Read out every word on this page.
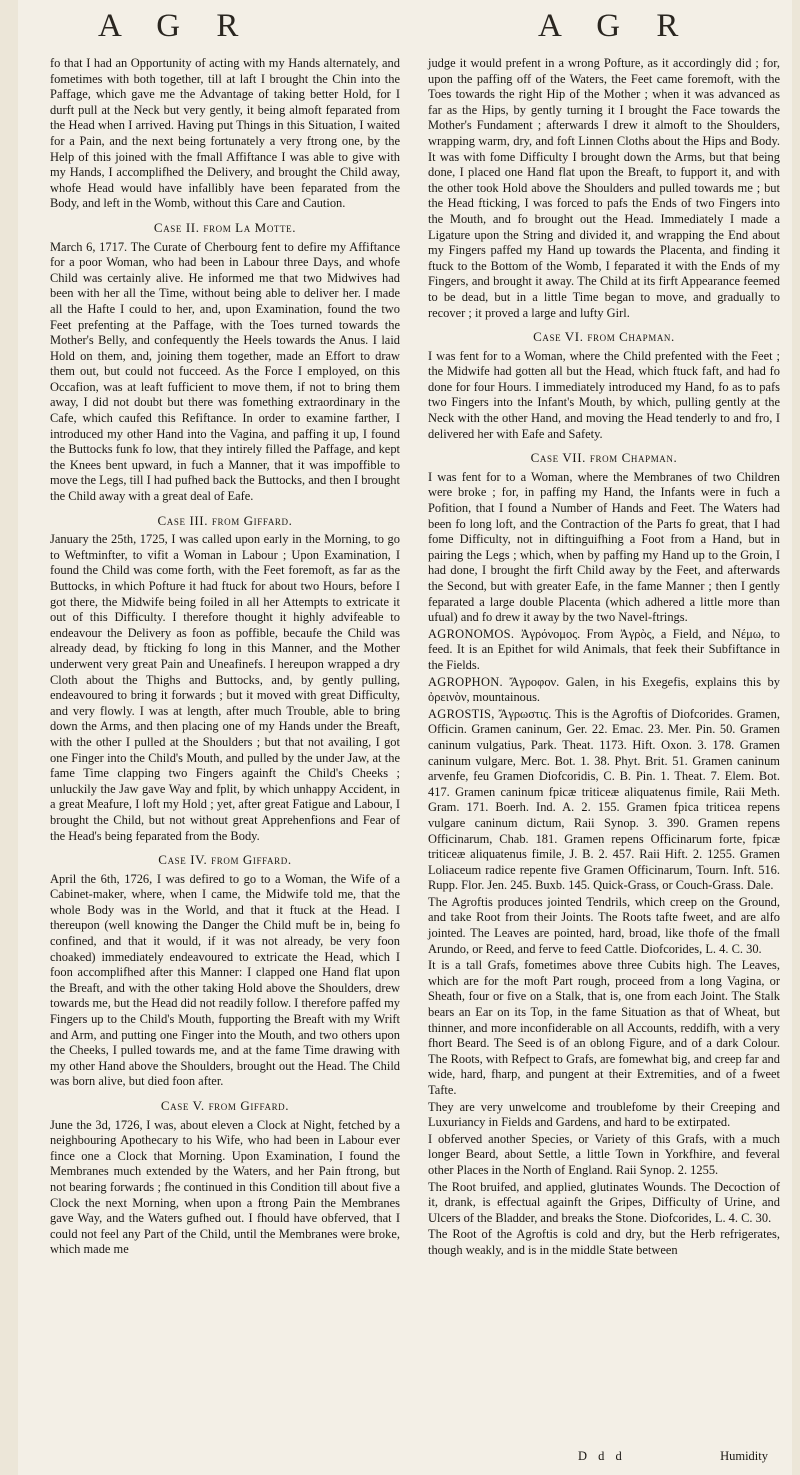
A G R	A G R

fo that I had an Opportunity of acting with my Hands alternately, and fometimes with both together, till at laft I brought the Chin into the Paffage, which gave me the Advantage of taking better Hold, for I durft pull at the Neck but very gently, it being almoft feparated from the Head when I arrived. Having put Things in this Situation, I waited for a Pain, and the next being fortunately a very ftrong one, by the Help of this joined with the fmall Affiftance I was able to give with my Hands, I accomplifhed the Delivery, and brought the Child away, whofe Head would have infallibly have been feparated from the Body, and left in the Womb, without this Care and Caution.

Case II. from La Motte.

March 6, 1717. The Curate of Cherbourg fent to defire my Affiftance for a poor Woman, who had been in Labour three Days, and whofe Child was certainly alive. He informed me that two Midwives had been with her all the Time, without being able to deliver her. I made all the Hafte I could to her, and, upon Examination, found the two Feet prefenting at the Paffage, with the Toes turned towards the Mother's Belly, and confequently the Heels towards the Anus. I laid Hold on them, and, joining them together, made an Effort to draw them out, but could not fucceed. As the Force I employed, on this Occafion, was at leaft fufficient to move them, if not to bring them away, I did not doubt but there was fomething extraordinary in the Cafe, which caufed this Refiftance. In order to examine farther, I introduced my other Hand into the Vagina, and paffing it up, I found the Buttocks funk fo low, that they intirely filled the Paffage, and kept the Knees bent upward, in fuch a Manner, that it was impoffible to move the Legs, till I had pufhed back the Buttocks, and then I brought the Child away with a great deal of Eafe.

Case III. from Giffard.

January the 25th, 1725, I was called upon early in the Morning, to go to Weftminfter, to vifit a Woman in Labour ; Upon Examination, I found the Child was come forth, with the Feet foremoft, as far as the Buttocks, in which Pofture it had ftuck for about two Hours, before I got there, the Midwife being foiled in all her Attempts to extricate it out of this Difficulty. I therefore thought it highly advifeable to endeavour the Delivery as foon as poffible, becaufe the Child was already dead, by fticking fo long in this Manner, and the Mother underwent very great Pain and Uneafinefs. I hereupon wrapped a dry Cloth about the Thighs and Buttocks, and, by gently pulling, endeavoured to bring it forwards ; but it moved with great Difficulty, and very flowly. I was at length, after much Trouble, able to bring down the Arms, and then placing one of my Hands under the Breaft, with the other I pulled at the Shoulders ; but that not availing, I got one Finger into the Child's Mouth, and pulled by the under Jaw, at the fame Time clapping two Fingers againft the Child's Cheeks ; unluckily the Jaw gave Way and fplit, by which unhappy Accident, in a great Meafure, I loft my Hold ; yet, after great Fatigue and Labour, I brought the Child, but not without great Apprehenfions and Fear of the Head's being feparated from the Body.

Case IV. from Giffard.

April the 6th, 1726, I was defired to go to a Woman, the Wife of a Cabinet-maker, where, when I came, the Midwife told me, that the whole Body was in the World, and that it ftuck at the Head. I thereupon (well knowing the Danger the Child muft be in, being fo confined, and that it would, if it was not already, be very foon choaked) immediately endeavoured to extricate the Head, which I foon accomplifhed after this Manner: I clapped one Hand flat upon the Breaft, and with the other taking Hold above the Shoulders, drew towards me, but the Head did not readily follow. I therefore paffed my Fingers up to the Child's Mouth, fupporting the Breaft with my Wrift and Arm, and putting one Finger into the Mouth, and two others upon the Cheeks, I pulled towards me, and at the fame Time drawing with my other Hand above the Shoulders, brought out the Head. The Child was born alive, but died foon after.

Case V. from Giffard.

June the 3d, 1726, I was, about eleven a Clock at Night, fetched by a neighbouring Apothecary to his Wife, who had been in Labour ever fince one a Clock that Morning. Upon Examination, I found the Membranes much extended by the Waters, and her Pain ftrong, but not bearing forwards ; fhe continued in this Condition till about five a Clock the next Morning, when upon a ftrong Pain the Membranes gave Way, and the Waters gufhed out. I fhould have obferved, that I could not feel any Part of the Child, until the Membranes were broke, which made me

judge it would prefent in a wrong Pofture, as it accordingly did ; for, upon the paffing off of the Waters, the Feet came foremoft, with the Toes towards the right Hip of the Mother ; when it was advanced as far as the Hips, by gently turning it I brought the Face towards the Mother's Fundament ; afterwards I drew it almoft to the Shoulders, wrapping warm, dry, and foft Linnen Cloths about the Hips and Body. It was with fome Difficulty I brought down the Arms, but that being done, I placed one Hand flat upon the Breaft, to fupport it, and with the other took Hold above the Shoulders and pulled towards me ; but the Head fticking, I was forced to pafs the Ends of two Fingers into the Mouth, and fo brought out the Head. Immediately I made a Ligature upon the String and divided it, and wrapping the End about my Fingers paffed my Hand up towards the Placenta, and finding it ftuck to the Bottom of the Womb, I feparated it with the Ends of my Fingers, and brought it away. The Child at its firft Appearance feemed to be dead, but in a little Time began to move, and gradually to recover ; it proved a large and lufty Girl.

Case VI. from Chapman.

I was fent for to a Woman, where the Child prefented with the Feet ; the Midwife had gotten all but the Head, which ftuck faft, and had fo done for four Hours. I immediately introduced my Hand, fo as to pafs two Fingers into the Infant's Mouth, by which, pulling gently at the Neck with the other Hand, and moving the Head tenderly to and fro, I delivered her with Eafe and Safety.

Case VII. from Chapman.

I was fent for to a Woman, where the Membranes of two Children were broke ; for, in paffing my Hand, the Infants were in fuch a Pofition, that I found a Number of Hands and Feet. The Waters had been fo long loft, and the Contraction of the Parts fo great, that I had fome Difficulty, not in diftinguifhing a Foot from a Hand, but in pairing the Legs ; which, when by paffing my Hand up to the Groin, I had done, I brought the firft Child away by the Feet, and afterwards the Second, but with greater Eafe, in the fame Manner ; then I gently feparated a large double Placenta (which adhered a little more than ufual) and fo drew it away by the two Navel-ftrings.

AGRONOMOS. Ἀγρόνομος. From Ἀγρὸς, a Field, and Νέμω, to feed. It is an Epithet for wild Animals, that feek their Subfiftance in the Fields.

AGROPHON. Ἄγροφον. Galen, in his Exegefis, explains this by ὀρεινὸν, mountainous.

AGROSTIS, Ἄγρωστις. This is the Agroftis of Diofcorides. Gramen, Officin. Gramen caninum, Ger. 22. Emac. 23. Mer. Pin. 50. Gramen caninum vulgatius, Park. Theat. 1173. Hift. Oxon. 3. 178. Gramen caninum vulgare, Merc. Bot. 1. 38. Phyt. Brit. 51. Gramen caninum arvenfe, feu Gramen Diofcoridis, C. B. Pin. 1. Theat. 7. Elem. Bot. 417. Gramen caninum fpicæ triticeæ aliquatenus fimile, Raii Meth. Gram. 171. Boerh. Ind. A. 2. 155. Gramen fpica triticea repens vulgare caninum dictum, Raii Synop. 3. 390. Gramen repens Officinarum, Chab. 181. Gramen repens Officinarum forte, fpicæ triticeæ aliquatenus fimile, J. B. 2. 457. Raii Hift. 2. 1255. Gramen Loliaceum radice repente five Gramen Officinarum, Tourn. Inft. 516. Rupp. Flor. Jen. 245. Buxb. 145. Quick-Grass, or Couch-Grass. Dale.

The Agroftis produces jointed Tendrils, which creep on the Ground, and take Root from their Joints. The Roots tafte fweet, and are alfo jointed. The Leaves are pointed, hard, broad, like thofe of the fmall Arundo, or Reed, and ferve to feed Cattle. Diofcorides, L. 4. C. 30.

It is a tall Grafs, fometimes above three Cubits high. The Leaves, which are for the moft Part rough, proceed from a long Vagina, or Sheath, four or five on a Stalk, that is, one from each Joint. The Stalk bears an Ear on its Top, in the fame Situation as that of Wheat, but thinner, and more inconfiderable on all Accounts, reddifh, with a very fhort Beard. The Seed is of an oblong Figure, and of a dark Colour. The Roots, with Refpect to Grafs, are fomewhat big, and creep far and wide, hard, fharp, and pungent at their Extremities, and of a fweet Tafte.

They are very unwelcome and troublefome by their Creeping and Luxuriancy in Fields and Gardens, and hard to be extirpated.

I obferved another Species, or Variety of this Grafs, with a much longer Beard, about Settle, a little Town in Yorkfhire, and feveral other Places in the North of England. Raii Synop. 2. 1255.

The Root bruifed, and applied, glutinates Wounds. The Decoction of it, drank, is effectual againft the Gripes, Difficulty of Urine, and Ulcers of the Bladder, and breaks the Stone. Diofcorides, L. 4. C. 30.

The Root of the Agroftis is cold and dry, but the Herb refrigerates, though weakly, and is in the middle State between

D d d	Humidity
